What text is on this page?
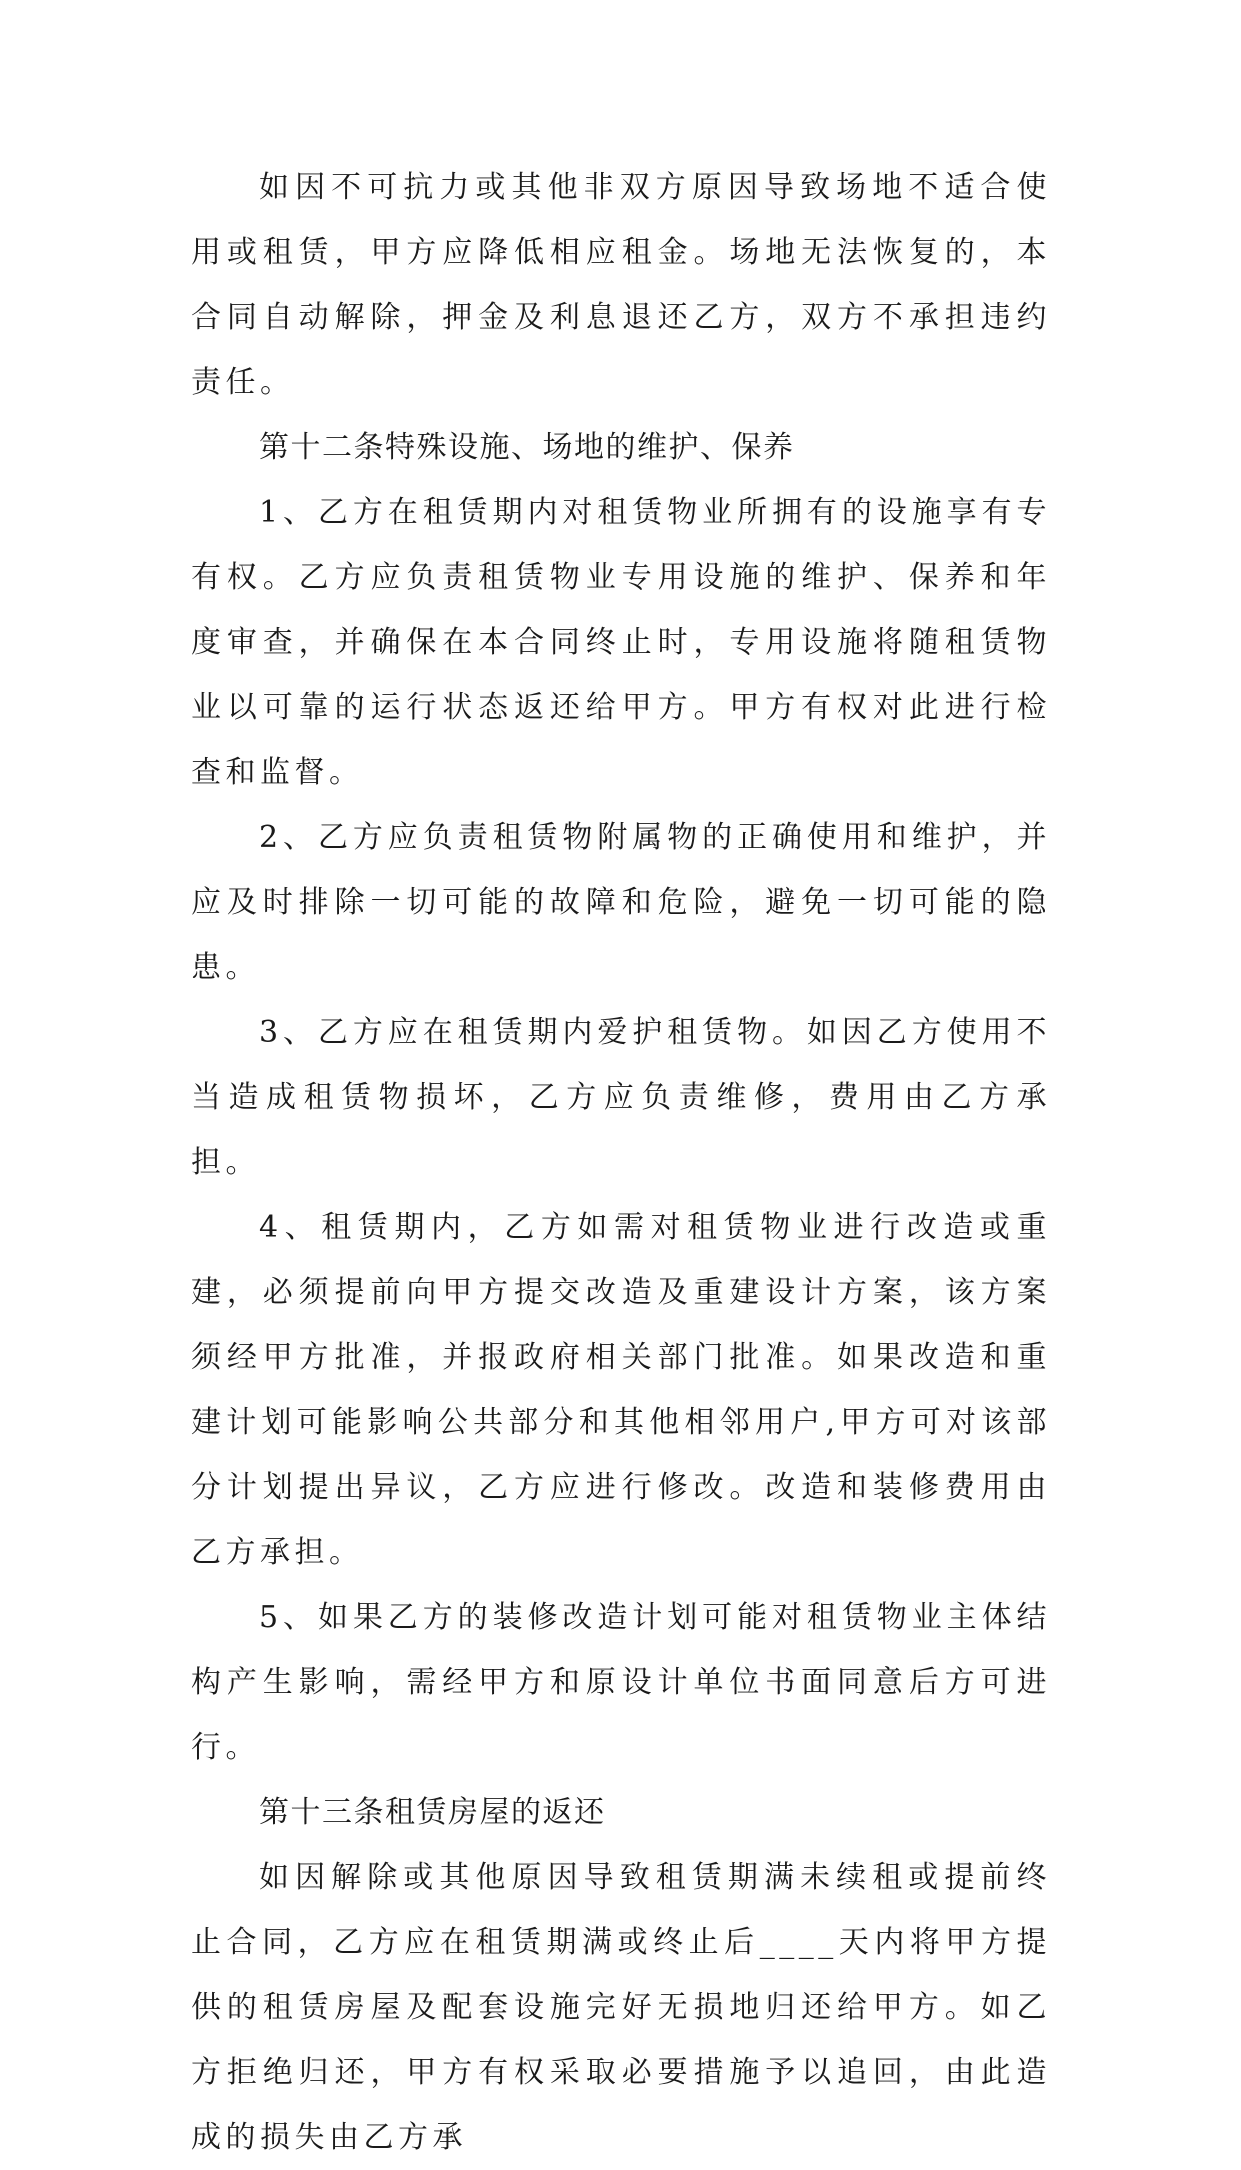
如因不可抗力或其他非双方原因导致场地不适合使用或租赁，甲方应降低相应租金。场地无法恢复的，本合同自动解除，押金及利息退还乙方，双方不承担违约责任。

第十二条特殊设施、场地的维护、保养

1、乙方在租赁期内对租赁物业所拥有的设施享有专有权。乙方应负责租赁物业专用设施的维护、保养和年度审查，并确保在本合同终止时，专用设施将随租赁物业以可靠的运行状态返还给甲方。甲方有权对此进行检查和监督。

2、乙方应负责租赁物附属物的正确使用和维护，并应及时排除一切可能的故障和危险，避免一切可能的隐患。

3、乙方应在租赁期内爱护租赁物。如因乙方使用不当造成租赁物损坏，乙方应负责维修，费用由乙方承担。

4、租赁期内，乙方如需对租赁物业进行改造或重建，必须提前向甲方提交改造及重建设计方案，该方案须经甲方批准，并报政府相关部门批准。如果改造和重建计划可能影响公共部分和其他相邻用户,甲方可对该部分计划提出异议，乙方应进行修改。改造和装修费用由乙方承担。

5、如果乙方的装修改造计划可能对租赁物业主体结构产生影响，需经甲方和原设计单位书面同意后方可进行。

第十三条租赁房屋的返还

如因解除或其他原因导致租赁期满未续租或提前终止合同，乙方应在租赁期满或终止后____天内将甲方提供的租赁房屋及配套设施完好无损地归还给甲方。如乙方拒绝归还，甲方有权采取必要措施予以追回，由此造成的损失由乙方承
